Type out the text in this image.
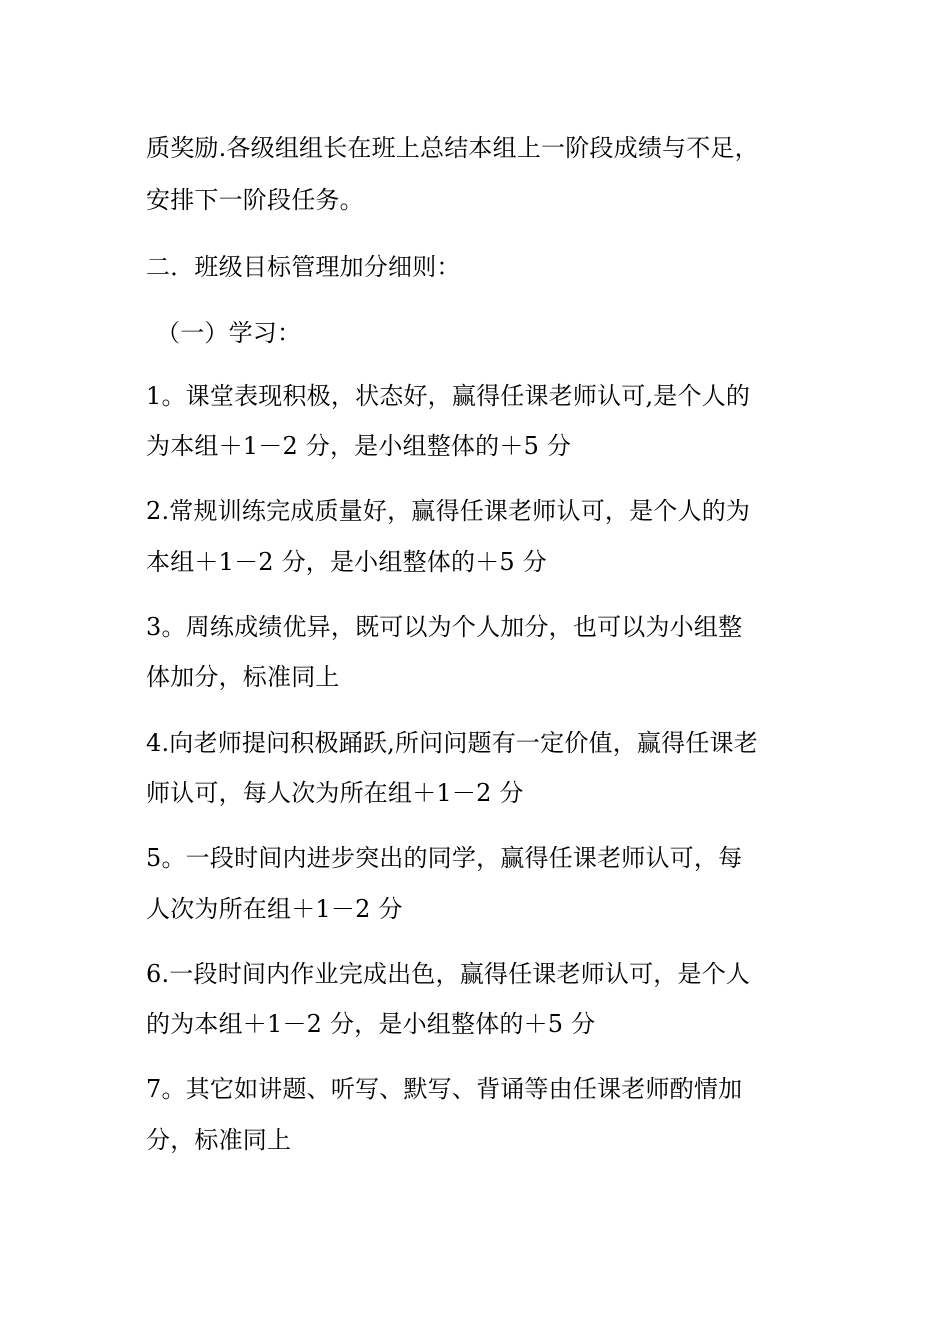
质奖励.各级组组长在班上总结本组上一阶段成绩与不足，
安排下一阶段任务。
二．班级目标管理加分细则：
（一）学习：
1。课堂表现积极，状态好，赢得任课老师认可,是个人的
为本组＋1－2 分，是小组整体的＋5 分
2.常规训练完成质量好，赢得任课老师认可，是个人的为
本组＋1－2 分，是小组整体的＋5 分
3。周练成绩优异，既可以为个人加分，也可以为小组整
体加分，标准同上
4.向老师提问积极踊跃,所问问题有一定价值，赢得任课老
师认可，每人次为所在组＋1－2 分
5。一段时间内进步突出的同学，赢得任课老师认可，每
人次为所在组＋1－2 分
6.一段时间内作业完成出色，赢得任课老师认可，是个人
的为本组＋1－2 分，是小组整体的＋5 分
7。其它如讲题、听写、默写、背诵等由任课老师酌情加
分，标准同上
